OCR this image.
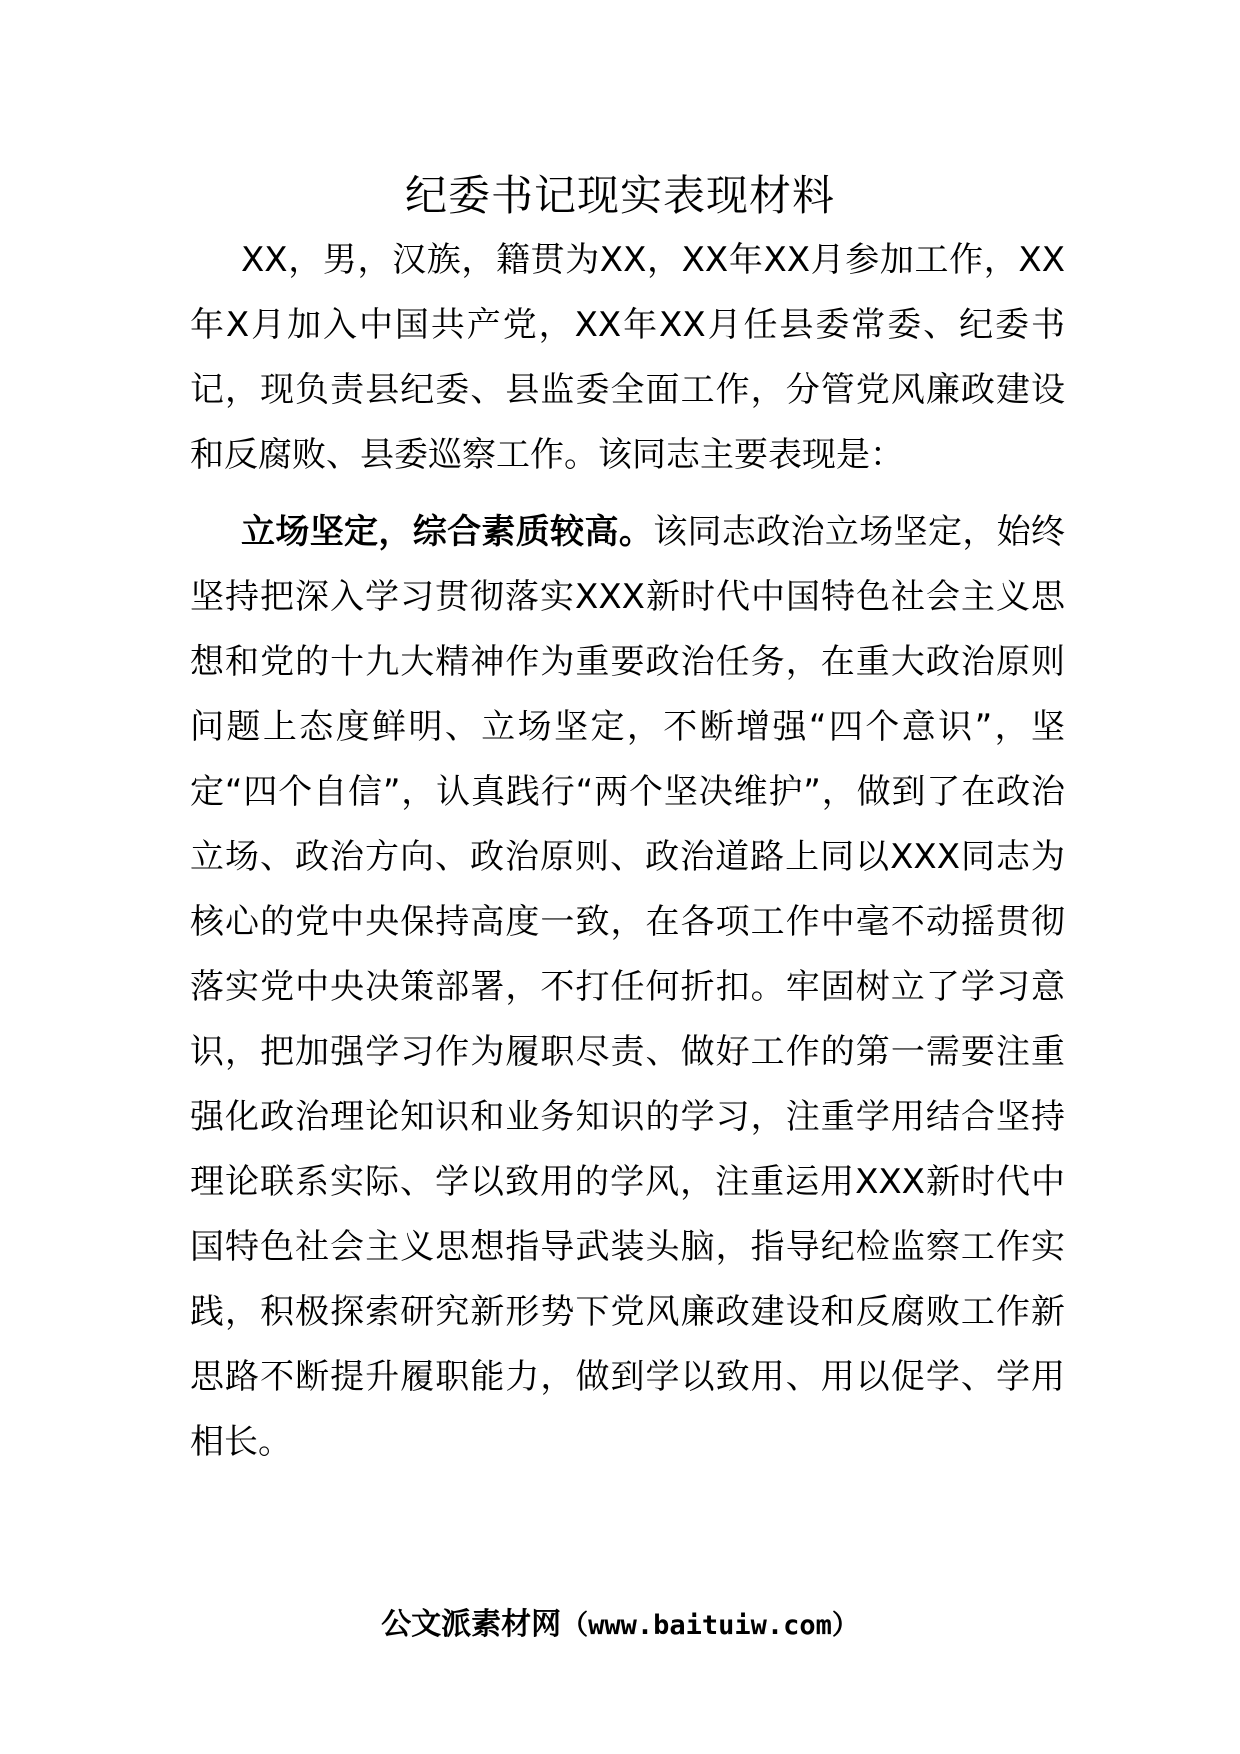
纪委书记现实表现材料

XX，男，汉族，籍贯为XX，XX年XX月参加工作，XX年X月加入中国共产党，XX年XX月任县委常委、纪委书记，现负责县纪委、县监委全面工作，分管党风廉政建设和反腐败、县委巡察工作。该同志主要表现是：

立场坚定，综合素质较高。该同志政治立场坚定，始终坚持把深入学习贯彻落实XXX新时代中国特色社会主义思想和党的十九大精神作为重要政治任务，在重大政治原则问题上态度鲜明、立场坚定，不断增强“四个意识”，坚定“四个自信”，认真践行“两个坚决维护”，做到了在政治立场、政治方向、政治原则、政治道路上同以XXX同志为核心的党中央保持高度一致，在各项工作中毫不动摇贯彻落实党中央决策部署，不打任何折扣。牢固树立了学习意识，把加强学习作为履职尽责、做好工作的第一需要注重强化政治理论知识和业务知识的学习，注重学用结合坚持理论联系实际、学以致用的学风，注重运用XXX新时代中国特色社会主义思想指导武装头脑，指导纪检监察工作实践，积极探索研究新形势下党风廉政建设和反腐败工作新思路不断提升履职能力，做到学以致用、用以促学、学用相长。

公文派素材网（www.baituiw.com）
